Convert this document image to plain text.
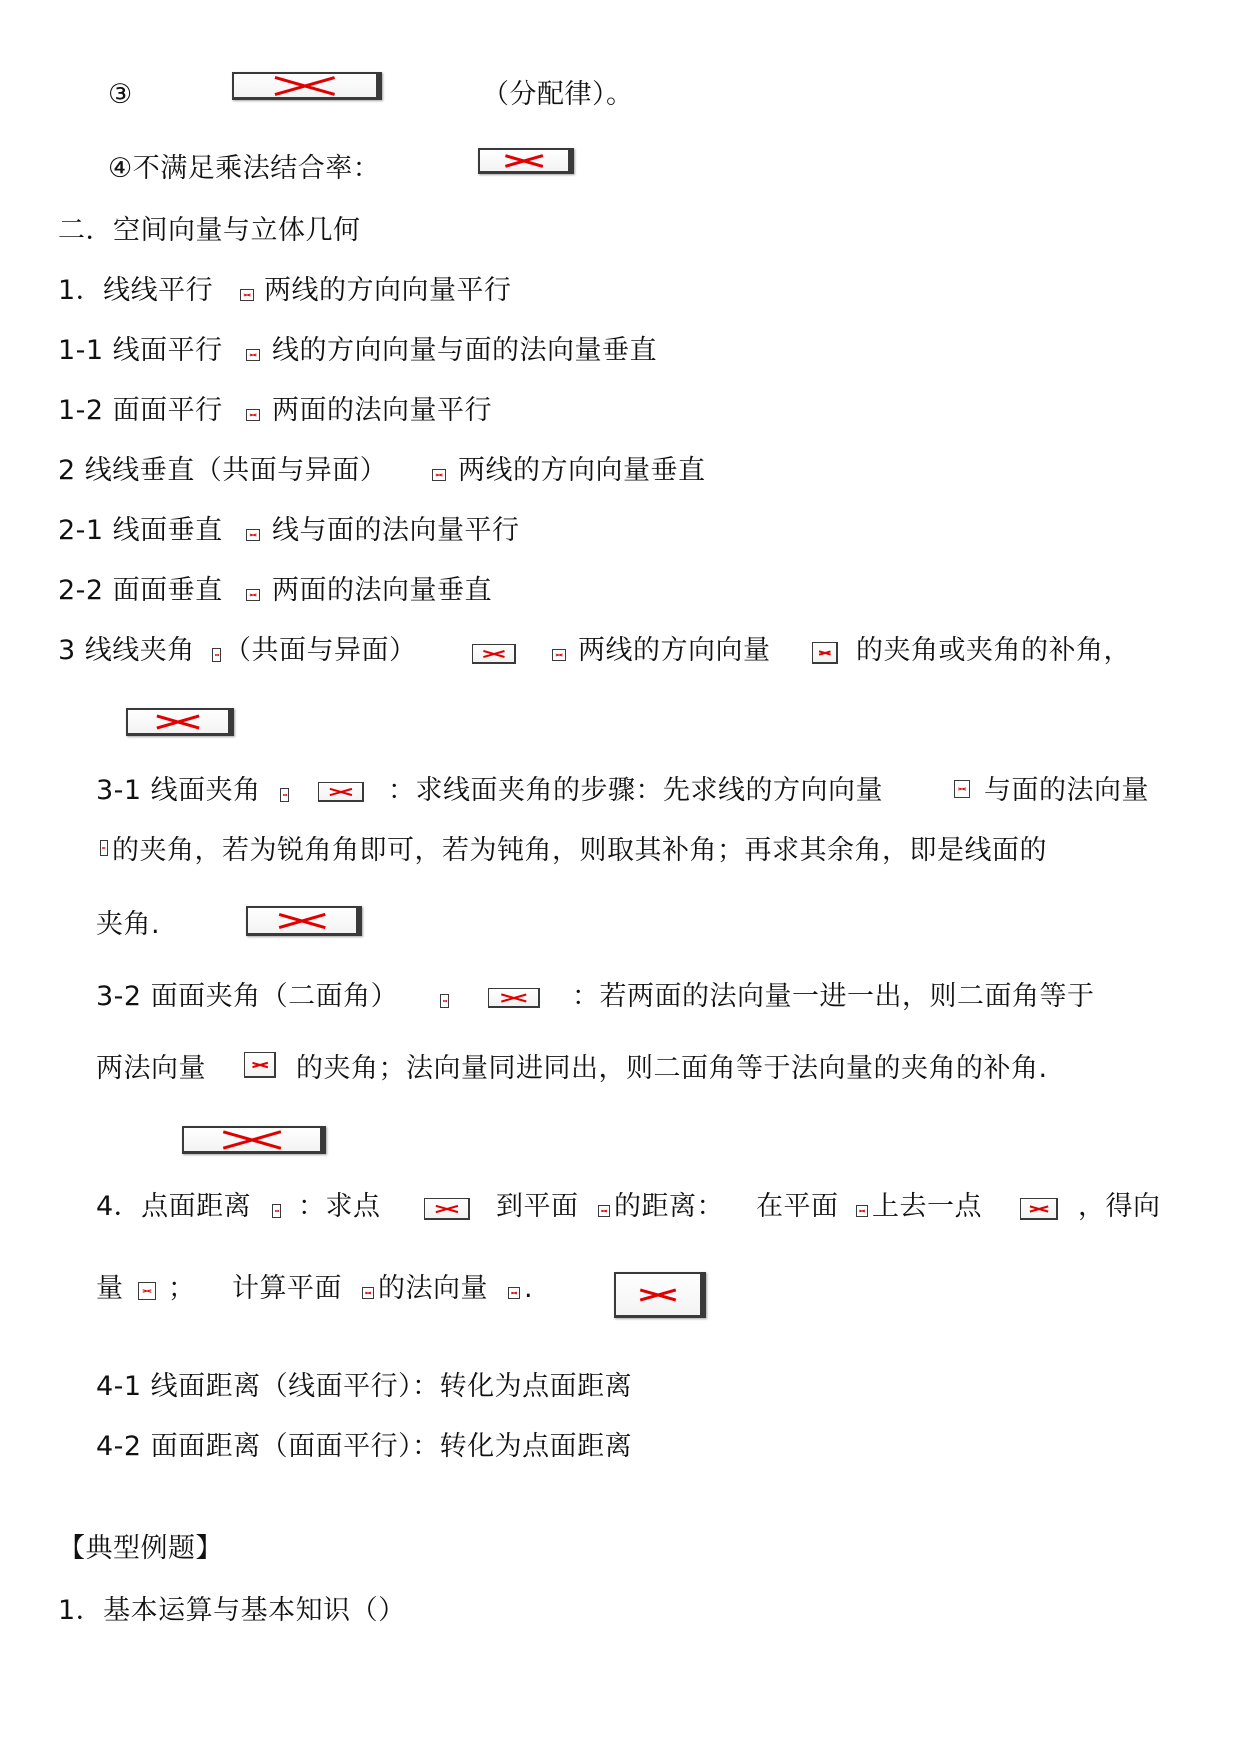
③	（分配律）。
④不满足乘法结合率：
二．空间向量与立体几何
1．线线平行 两线的方向向量平行
1-1 线面平行 线的方向向量与面的法向量垂直
1-2 面面平行 两面的法向量平行
2 线线垂直（共面与异面）	两线的方向向量垂直
2-1 线面垂直 线与面的法向量平行
2-2 面面垂直 两面的法向量垂直
3 线线夹角 （共面与异面）	两线的方向向量	的夹角或夹角的补角，
3-1 线面夹角	：求线面夹角的步骤：先求线的方向向量	与面的法向量
的夹角，若为锐角角即可，若为钝角，则取其补角；再求其余角，即是线面的
夹角.
3-2 面面夹角（二面角）	：若两面的法向量一进一出，则二面角等于
两法向量	的夹角；法向量同进同出，则二面角等于法向量的夹角的补角.
4．点面距离 ：求点	到平面 的距离： 在平面 上去一点	，得向
量 ； 计算平面 的法向量 .
4-1 线面距离（线面平行）：转化为点面距离
4-2 面面距离（面面平行）：转化为点面距离
【典型例题】
1．基本运算与基本知识（）
